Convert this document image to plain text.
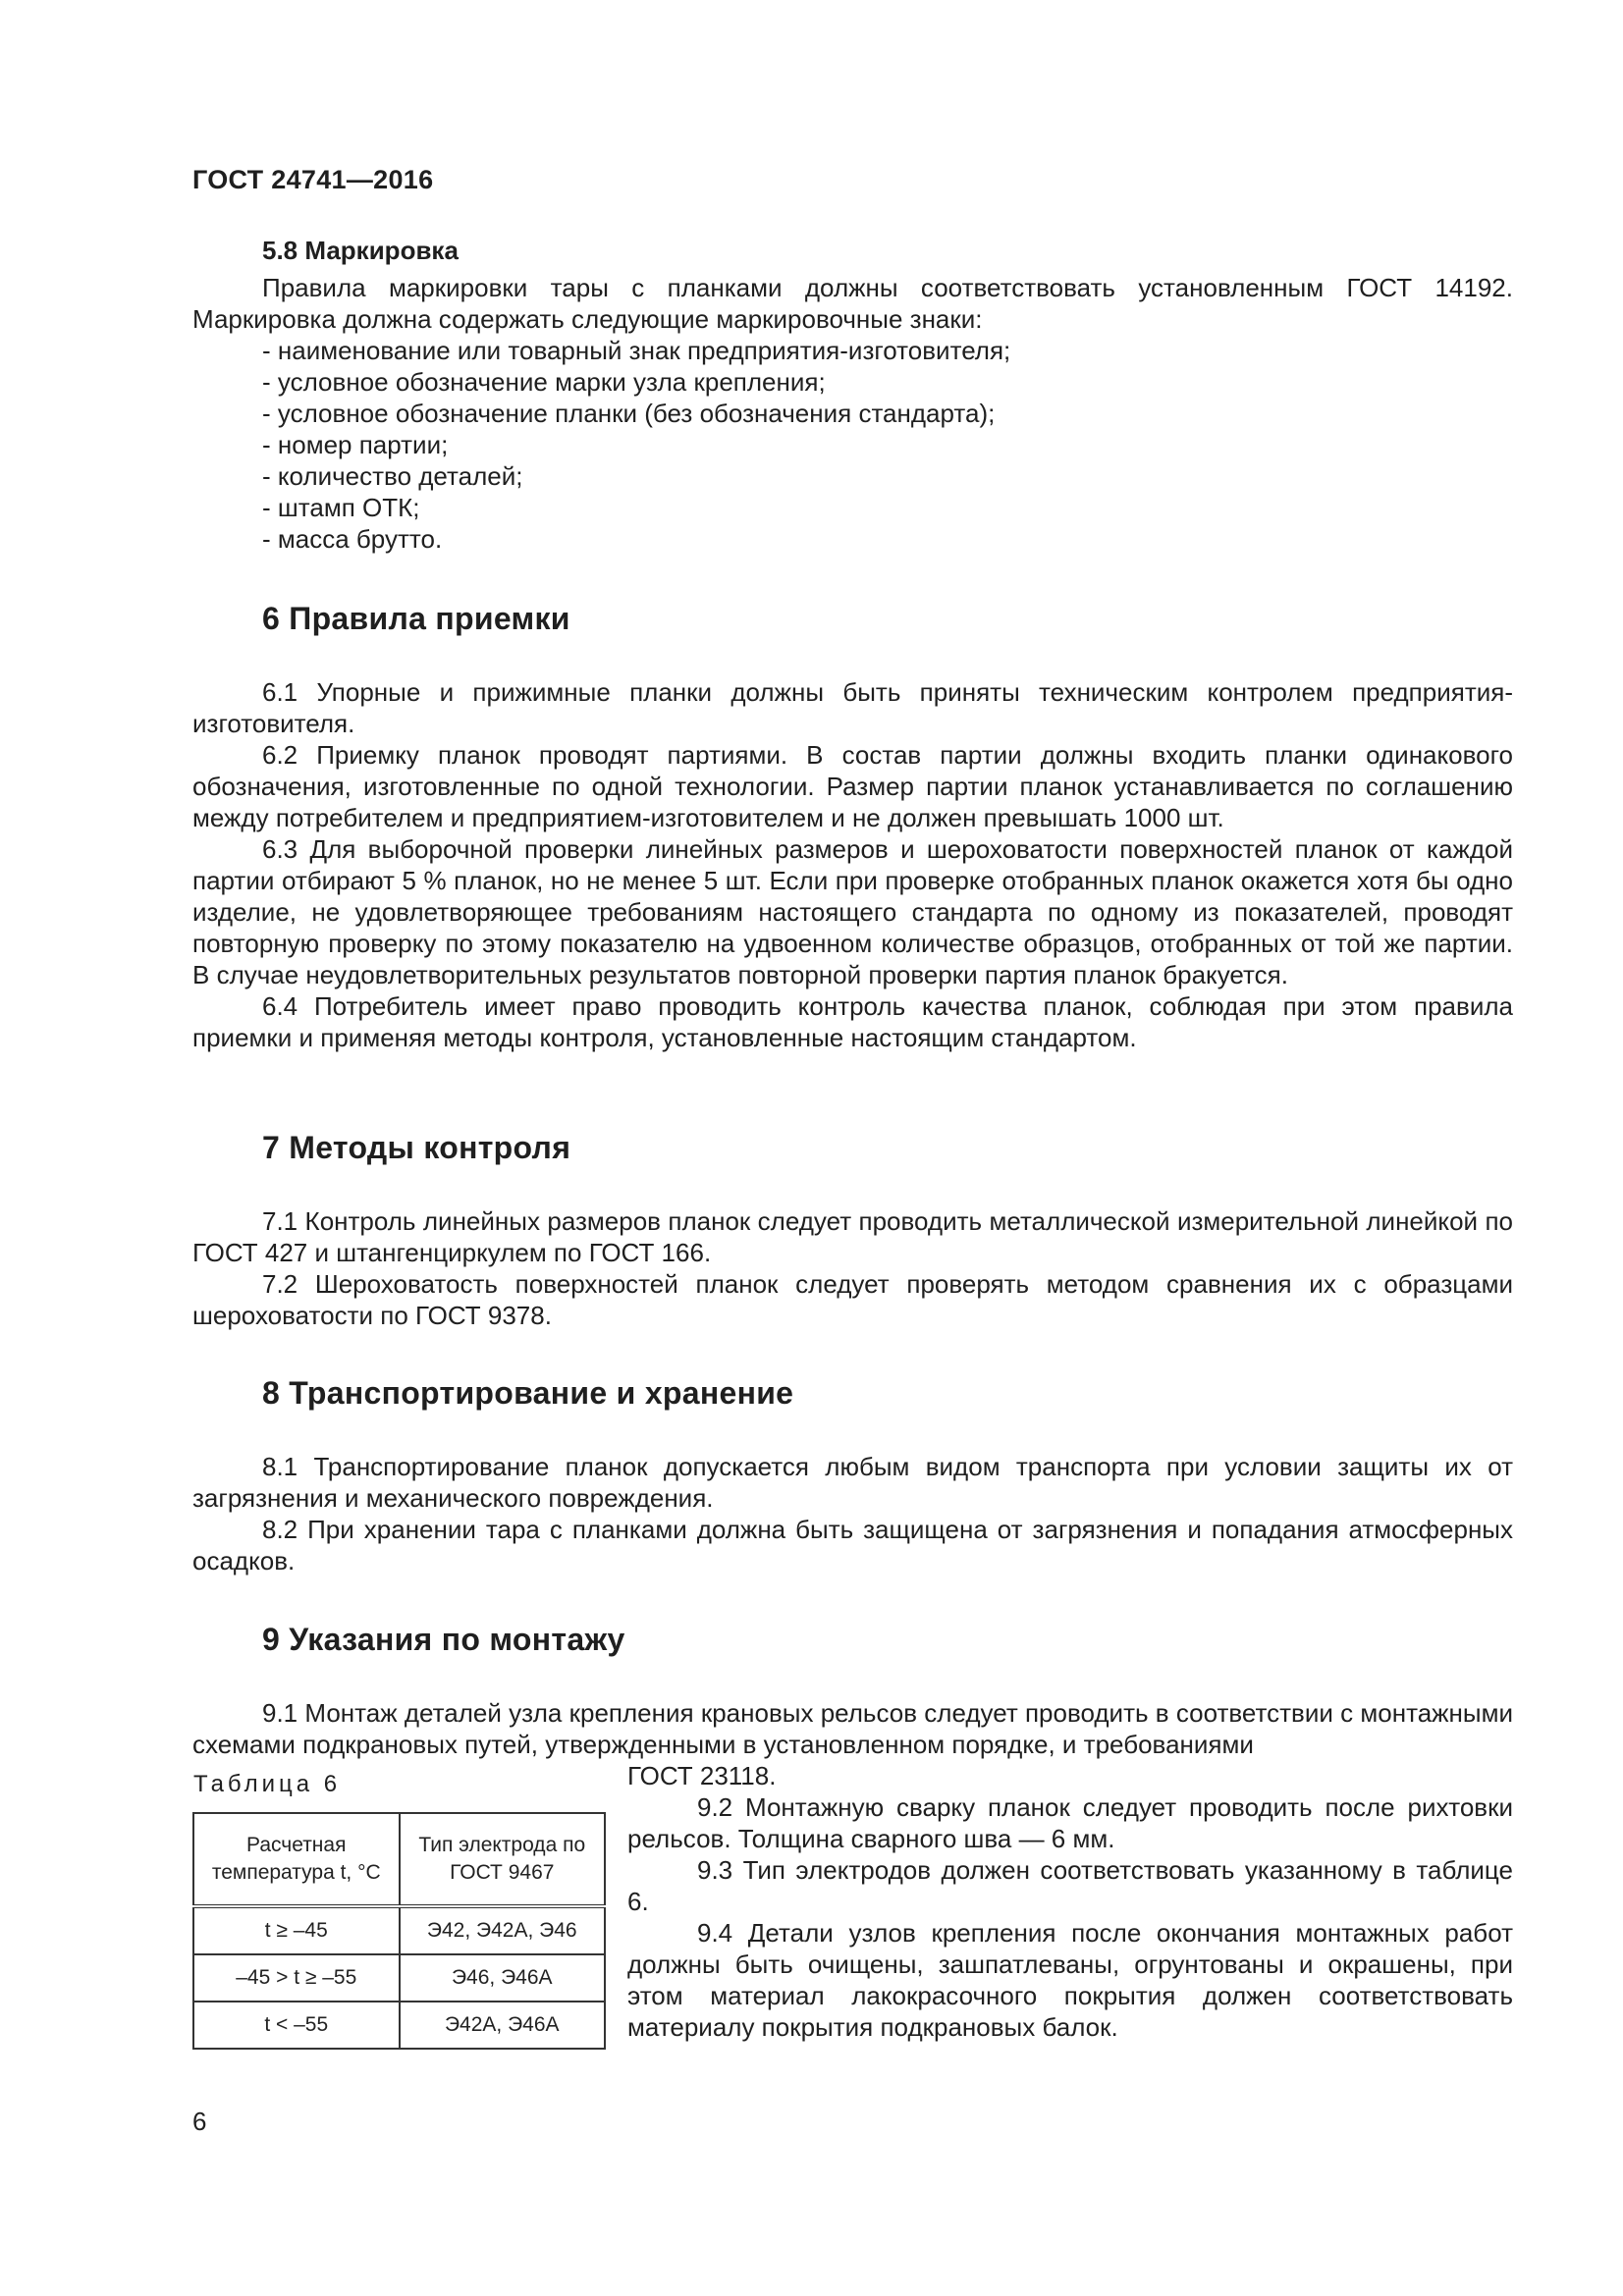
ГОСТ 24741—2016
5.8 Маркировка

Правила маркировки тары с планками должны соответствовать установленным ГОСТ 14192. Маркировка должна содержать следующие маркировочные знаки:

- наименование или товарный знак предприятия-изготовителя;
- условное обозначение марки узла крепления;
- условное обозначение планки (без обозначения стандарта);
- номер партии;
- количество деталей;
- штамп ОТК;
- масса брутто.
6 Правила приемки

6.1 Упорные и прижимные планки должны быть приняты техническим контролем предприятия-изготовителя.

6.2 Приемку планок проводят партиями. В состав партии должны входить планки одинакового обозначения, изготовленные по одной технологии. Размер партии планок устанавливается по соглашению между потребителем и предприятием-изготовителем и не должен превышать 1000 шт.

6.3 Для выборочной проверки линейных размеров и шероховатости поверхностей планок от каждой партии отбирают 5 % планок, но не менее 5 шт. Если при проверке отобранных планок окажется хотя бы одно изделие, не удовлетворяющее требованиям настоящего стандарта по одному из показателей, проводят повторную проверку по этому показателю на удвоенном количестве образцов, отобранных от той же партии. В случае неудовлетворительных результатов повторной проверки партия планок бракуется.

6.4 Потребитель имеет право проводить контроль качества планок, соблюдая при этом правила приемки и применяя методы контроля, установленные настоящим стандартом.

7 Методы контроля

7.1 Контроль линейных размеров планок следует проводить металлической измерительной линейкой по ГОСТ 427 и штангенциркулем по ГОСТ 166.

7.2 Шероховатость поверхностей планок следует проверять методом сравнения их с образцами шероховатости по ГОСТ 9378.

8 Транспортирование и хранение

8.1 Транспортирование планок допускается любым видом транспорта при условии защиты их от загрязнения и механического повреждения.

8.2 При хранении тара с планками должна быть защищена от загрязнения и попадания атмосферных осадков.

9 Указания по монтажу

9.1 Монтаж деталей узла крепления крановых рельсов следует проводить в соответствии с монтажными схемами подкрановых путей, утвержденными в установленном порядке, и требованиями

ГОСТ 23118.

9.2 Монтажную сварку планок следует проводить после рихтовки рельсов. Толщина сварного шва — 6 мм.

9.3 Тип электродов должен соответствовать указанному в таблице 6.

9.4 Детали узлов крепления после окончания монтажных работ должны быть очищены, зашпатлеваны, огрунтованы и окрашены, при этом материал лакокрасочного покрытия должен соответствовать материалу покрытия подкрановых балок.

Таблица 6
Расчетная температура t, °C	Тип электрода по ГОСТ 9467
t ≥ –45	Э42, Э42А, Э46
–45 > t ≥ –55	Э46, Э46А
t < –55	Э42А, Э46А
6
